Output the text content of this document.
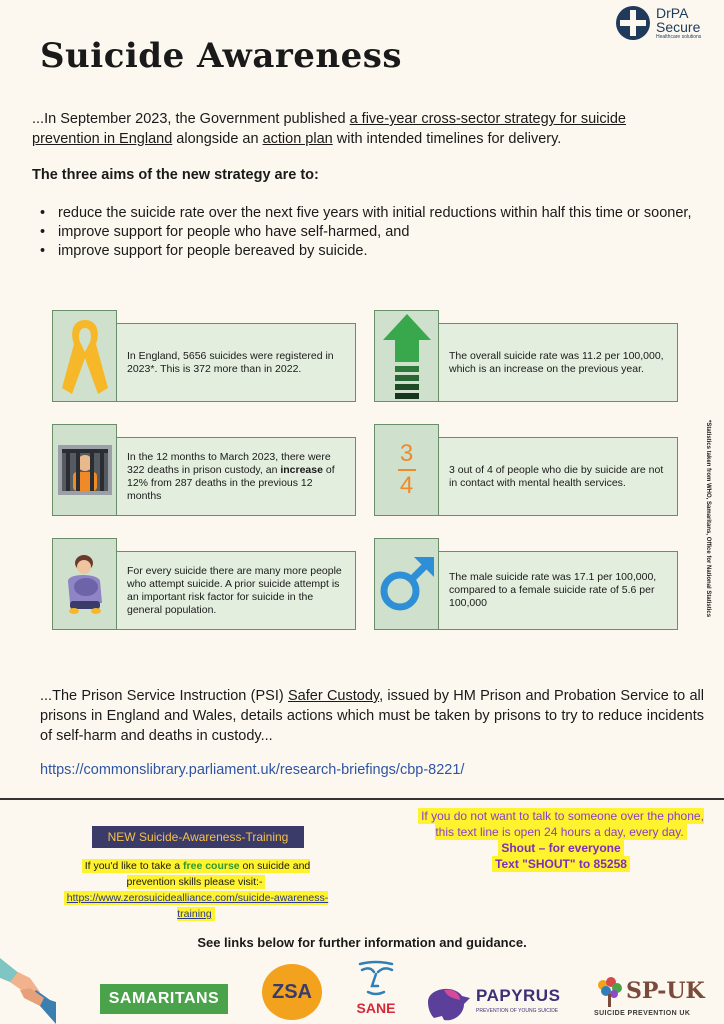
DrPA
Secure
Healthcare solutions
Suicide Awareness

...In September 2023, the Government published a five-year cross-sector strategy for suicide prevention in England alongside an action plan with intended timelines for delivery.

The three aims of the new strategy are to:
• reduce the suicide rate over the next five years with initial reductions within half this time or sooner,
• improve support for people who have self-harmed, and
• improve support for people bereaved by suicide.
In England, 5656 suicides were registered in 2023*. This is 372 more than in 2022.
The overall suicide rate was 11.2 per 100,000, which is an increase on the previous year.
In the 12 months to March 2023, there were 322 deaths in prison custody, an increase of 12% from 287 deaths in the previous 12 months
3
4
3 out of 4 of people who die by suicide are not in contact with mental health services.
For every suicide there are many more people who attempt suicide. A prior suicide attempt is an important risk factor for suicide in the general population.
The male suicide rate was 17.1 per 100,000, compared to a female suicide rate of 5.6 per 100,000	*Statistics taken from WHO, Samaritans, Office for National Statistics

...The Prison Service Instruction (PSI) Safer Custody, issued by HM Prison and Probation Service to all prisons in England and Wales, details actions which must be taken by prisons to try to reduce incidents of self-harm and deaths in custody...

https://commonslibrary.parliament.uk/research-briefings/cbp-8221/
NEW Suicide-Awareness-Training
If you'd like to take a free course on suicide and prevention skills please visit:-
https://www.zerosuicidealliance.com/suicide-awareness-training
If you do not want to talk to someone over the phone, this text line is open 24 hours a day, every day.
Shout – for everyone
Text "SHOUT" to 85258
See links below for further information and guidance.
SAMARITANS	ZSA
SANE
PAPYRUS
PREVENTION OF YOUNG SUICIDE
SP-UK
SUICIDE PREVENTION UK
